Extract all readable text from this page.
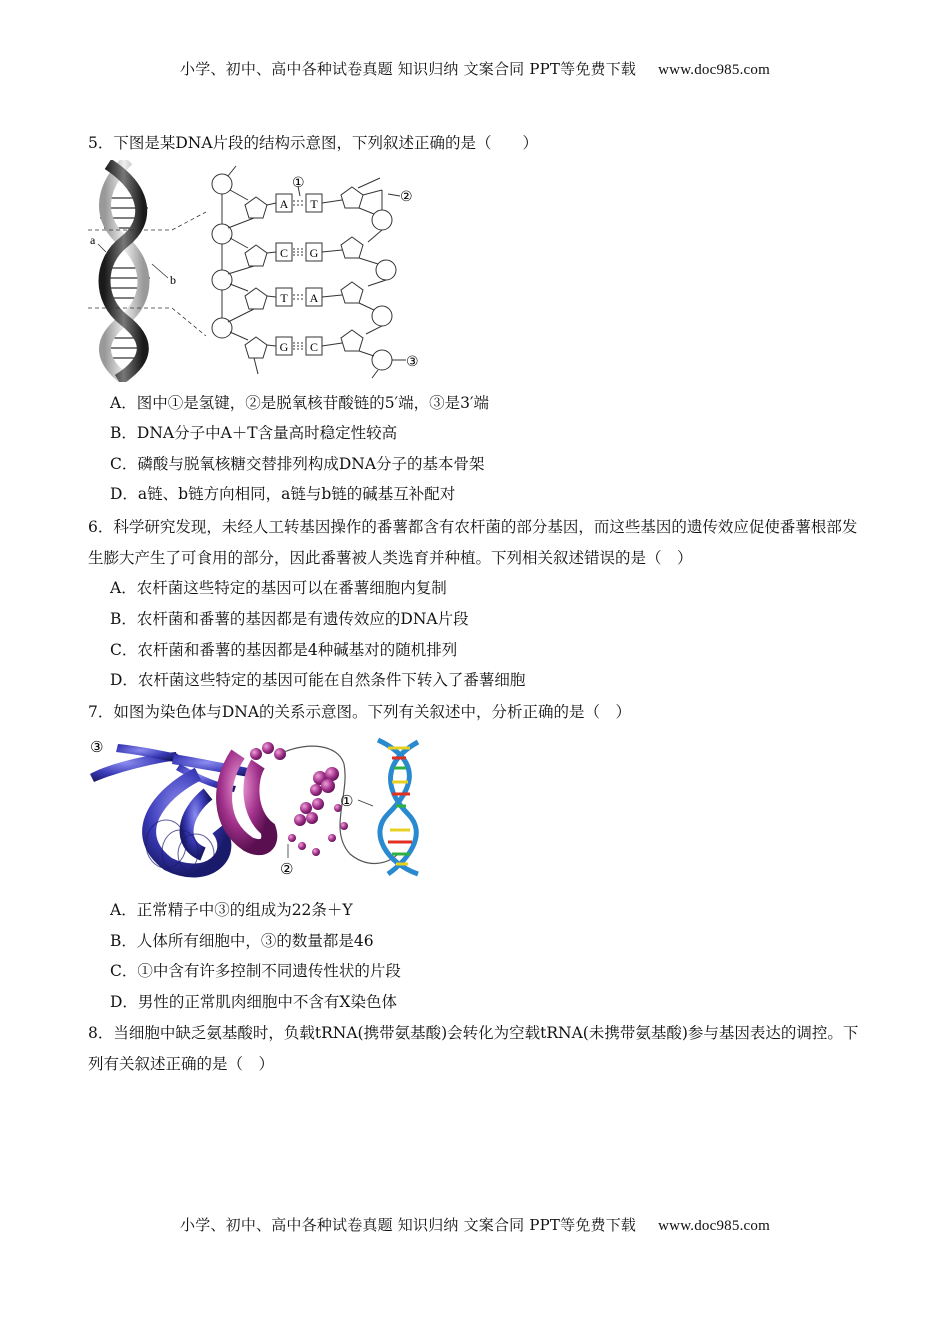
小学、初中、高中各种试卷真题 知识归纳 文案合同 PPT等免费下载 www.doc985.com
5．下图是某DNA片段的结构示意图，下列叙述正确的是（　　）
a
b
A T
C G
T A
G C
①
②
③
A．图中①是氢键，②是脱氧核苷酸链的5′端，③是3′端
B．DNA分子中A＋T含量高时稳定性较高
C．磷酸与脱氧核糖交替排列构成DNA分子的基本骨架
D．a链、b链方向相同，a链与b链的碱基互补配对
6．科学研究发现，未经人工转基因操作的番薯都含有农杆菌的部分基因，而这些基因的遗传效应促使番薯根部发生膨大产生了可食用的部分，因此番薯被人类选育并种植。下列相关叙述错误的是（　）
A．农杆菌这些特定的基因可以在番薯细胞内复制
B．农杆菌和番薯的基因都是有遗传效应的DNA片段
C．农杆菌和番薯的基因都是4种碱基对的随机排列
D．农杆菌这些特定的基因可能在自然条件下转入了番薯细胞
7．如图为染色体与DNA的关系示意图。下列有关叙述中，分析正确的是（　）
①
②
③
A．正常精子中③的组成为22条＋Y
B．人体所有细胞中，③的数量都是46
C．①中含有许多控制不同遗传性状的片段
D．男性的正常肌肉细胞中不含有X染色体
8．当细胞中缺乏氨基酸时，负载tRNA(携带氨基酸)会转化为空载tRNA(未携带氨基酸)参与基因表达的调控。下列有关叙述正确的是（　）
小学、初中、高中各种试卷真题 知识归纳 文案合同 PPT等免费下载 www.doc985.com
